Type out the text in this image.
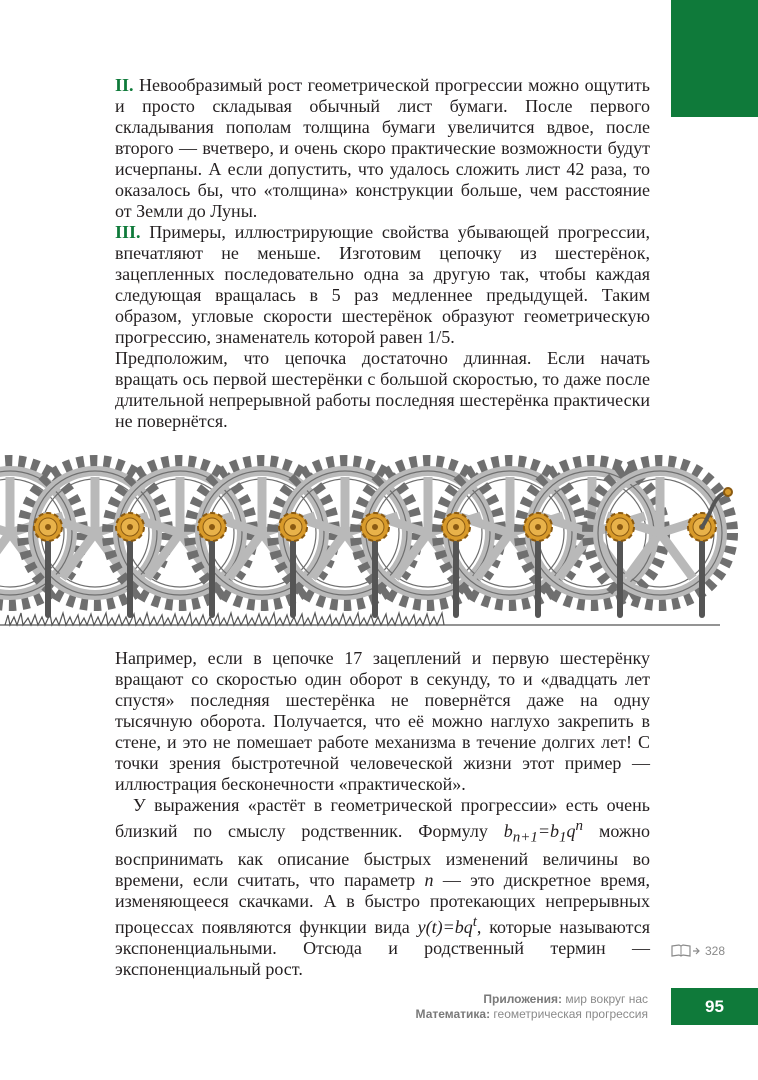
II. Невообразимый рост геометрической прогрессии можно ощутить и просто складывая обычный лист бумаги. После первого складывания пополам толщина бумаги увеличится вдвое, после второго — вчетверо, и очень скоро практические возможности будут исчерпаны. А если допустить, что удалось сложить лист 42 раза, то оказалось бы, что «толщина» конструкции больше, чем расстояние от Земли до Луны.

III. Примеры, иллюстрирующие свойства убывающей прогрессии, впечатляют не меньше. Изготовим цепочку из шестерёнок, зацепленных последовательно одна за другую так, чтобы каждая следующая вращалась в 5 раз медленнее предыдущей. Таким образом, угловые скорости шестерёнок образуют геометрическую прогрессию, знаменатель которой равен 1/5.

Предположим, что цепочка достаточно длинная. Если начать вращать ось первой шестерёнки с большой скоростью, то даже после длительной непрерывной работы последняя шестерёнка практически не повернётся.

Например, если в цепочке 17 зацеплений и первую шестерёнку вращают со скоростью один оборот в секунду, то и «двадцать лет спустя» последняя шестерёнка не повернётся даже на одну тысячную оборота. Получается, что её можно наглухо закрепить в стене, и это не помешает работе механизма в течение долгих лет! С точки зрения быстротечной человеческой жизни этот пример — иллюстрация бесконечности «практической».

У выражения «растёт в геометрической прогрессии» есть очень близкий по смыслу родственник. Формулу $b_{n+1}=b_1q^n$ можно воспринимать как описание быстрых изменений величины во времени, если считать, что параметр n — это дискретное время, изменяющееся скачками. А в быстро протекающих непрерывных процессах появляются функции вида $y(t)=bq^t$, которые называются экспоненциальными. Отсюда и родственный термин — экспоненциальный рост.

328
Приложения: мир вокруг нас
Математика: геометрическая прогрессия	95
